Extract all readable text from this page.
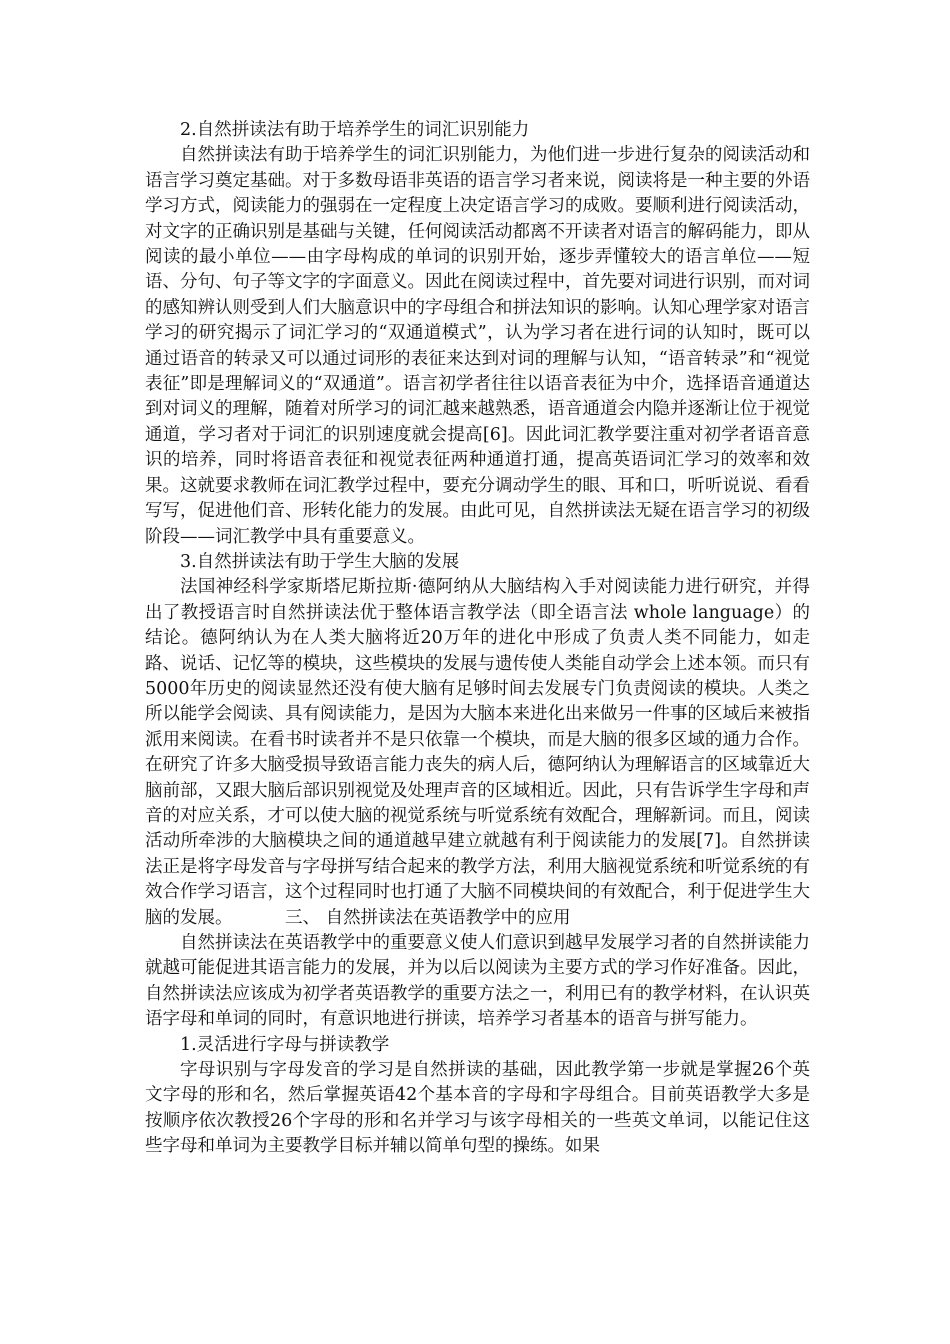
2.自然拼读法有助于培养学生的词汇识别能力

自然拼读法有助于培养学生的词汇识别能力，为他们进一步进行复杂的阅读活动和语言学习奠定基础。对于多数母语非英语的语言学习者来说，阅读将是一种主要的外语学习方式，阅读能力的强弱在一定程度上决定语言学习的成败。要顺利进行阅读活动，对文字的正确识别是基础与关键，任何阅读活动都离不开读者对语言的解码能力，即从阅读的最小单位——由字母构成的单词的识别开始，逐步弄懂较大的语言单位——短语、分句、句子等文字的字面意义。因此在阅读过程中，首先要对词进行识别，而对词的感知辨认则受到人们大脑意识中的字母组合和拼法知识的影响。认知心理学家对语言学习的研究揭示了词汇学习的“双通道模式”，认为学习者在进行词的认知时，既可以通过语音的转录又可以通过词形的表征来达到对词的理解与认知，“语音转录”和“视觉表征”即是理解词义的“双通道”。语言初学者往往以语音表征为中介，选择语音通道达到对词义的理解，随着对所学习的词汇越来越熟悉，语音通道会内隐并逐渐让位于视觉通道，学习者对于词汇的识别速度就会提高[6]。因此词汇教学要注重对初学者语音意识的培养，同时将语音表征和视觉表征两种通道打通，提高英语词汇学习的效率和效果。这就要求教师在词汇教学过程中，要充分调动学生的眼、耳和口，听听说说、看看写写，促进他们音、形转化能力的发展。由此可见，自然拼读法无疑在语言学习的初级阶段——词汇教学中具有重要意义。

3.自然拼读法有助于学生大脑的发展

法国神经科学家斯塔尼斯拉斯·德阿纳从大脑结构入手对阅读能力进行研究，并得出了教授语言时自然拼读法优于整体语言教学法（即全语言法 whole language）的结论。德阿纳认为在人类大脑将近20万年的进化中形成了负责人类不同能力，如走路、说话、记忆等的模块，这些模块的发展与遗传使人类能自动学会上述本领。而只有5000年历史的阅读显然还没有使大脑有足够时间去发展专门负责阅读的模块。人类之所以能学会阅读、具有阅读能力，是因为大脑本来进化出来做另一件事的区域后来被指派用来阅读。在看书时读者并不是只依靠一个模块，而是大脑的很多区域的通力合作。在研究了许多大脑受损导致语言能力丧失的病人后，德阿纳认为理解语言的区域靠近大脑前部，又跟大脑后部识别视觉及处理声音的区域相近。因此，只有告诉学生字母和声音的对应关系，才可以使大脑的视觉系统与听觉系统有效配合，理解新词。而且，阅读活动所牵涉的大脑模块之间的通道越早建立就越有利于阅读能力的发展[7]。自然拼读法正是将字母发音与字母拼写结合起来的教学方法，利用大脑视觉系统和听觉系统的有效合作学习语言，这个过程同时也打通了大脑不同模块间的有效配合，利于促进学生大脑的发展。	三、 自然拼读法在英语教学中的应用

自然拼读法在英语教学中的重要意义使人们意识到越早发展学习者的自然拼读能力就越可能促进其语言能力的发展，并为以后以阅读为主要方式的学习作好准备。因此，自然拼读法应该成为初学者英语教学的重要方法之一，利用已有的教学材料，在认识英语字母和单词的同时，有意识地进行拼读，培养学习者基本的语音与拼写能力。

1.灵活进行字母与拼读教学

字母识别与字母发音的学习是自然拼读的基础，因此教学第一步就是掌握26个英文字母的形和名，然后掌握英语42个基本音的字母和字母组合。目前英语教学大多是按顺序依次教授26个字母的形和名并学习与该字母相关的一些英文单词，以能记住这些字母和单词为主要教学目标并辅以简单句型的操练。如果
